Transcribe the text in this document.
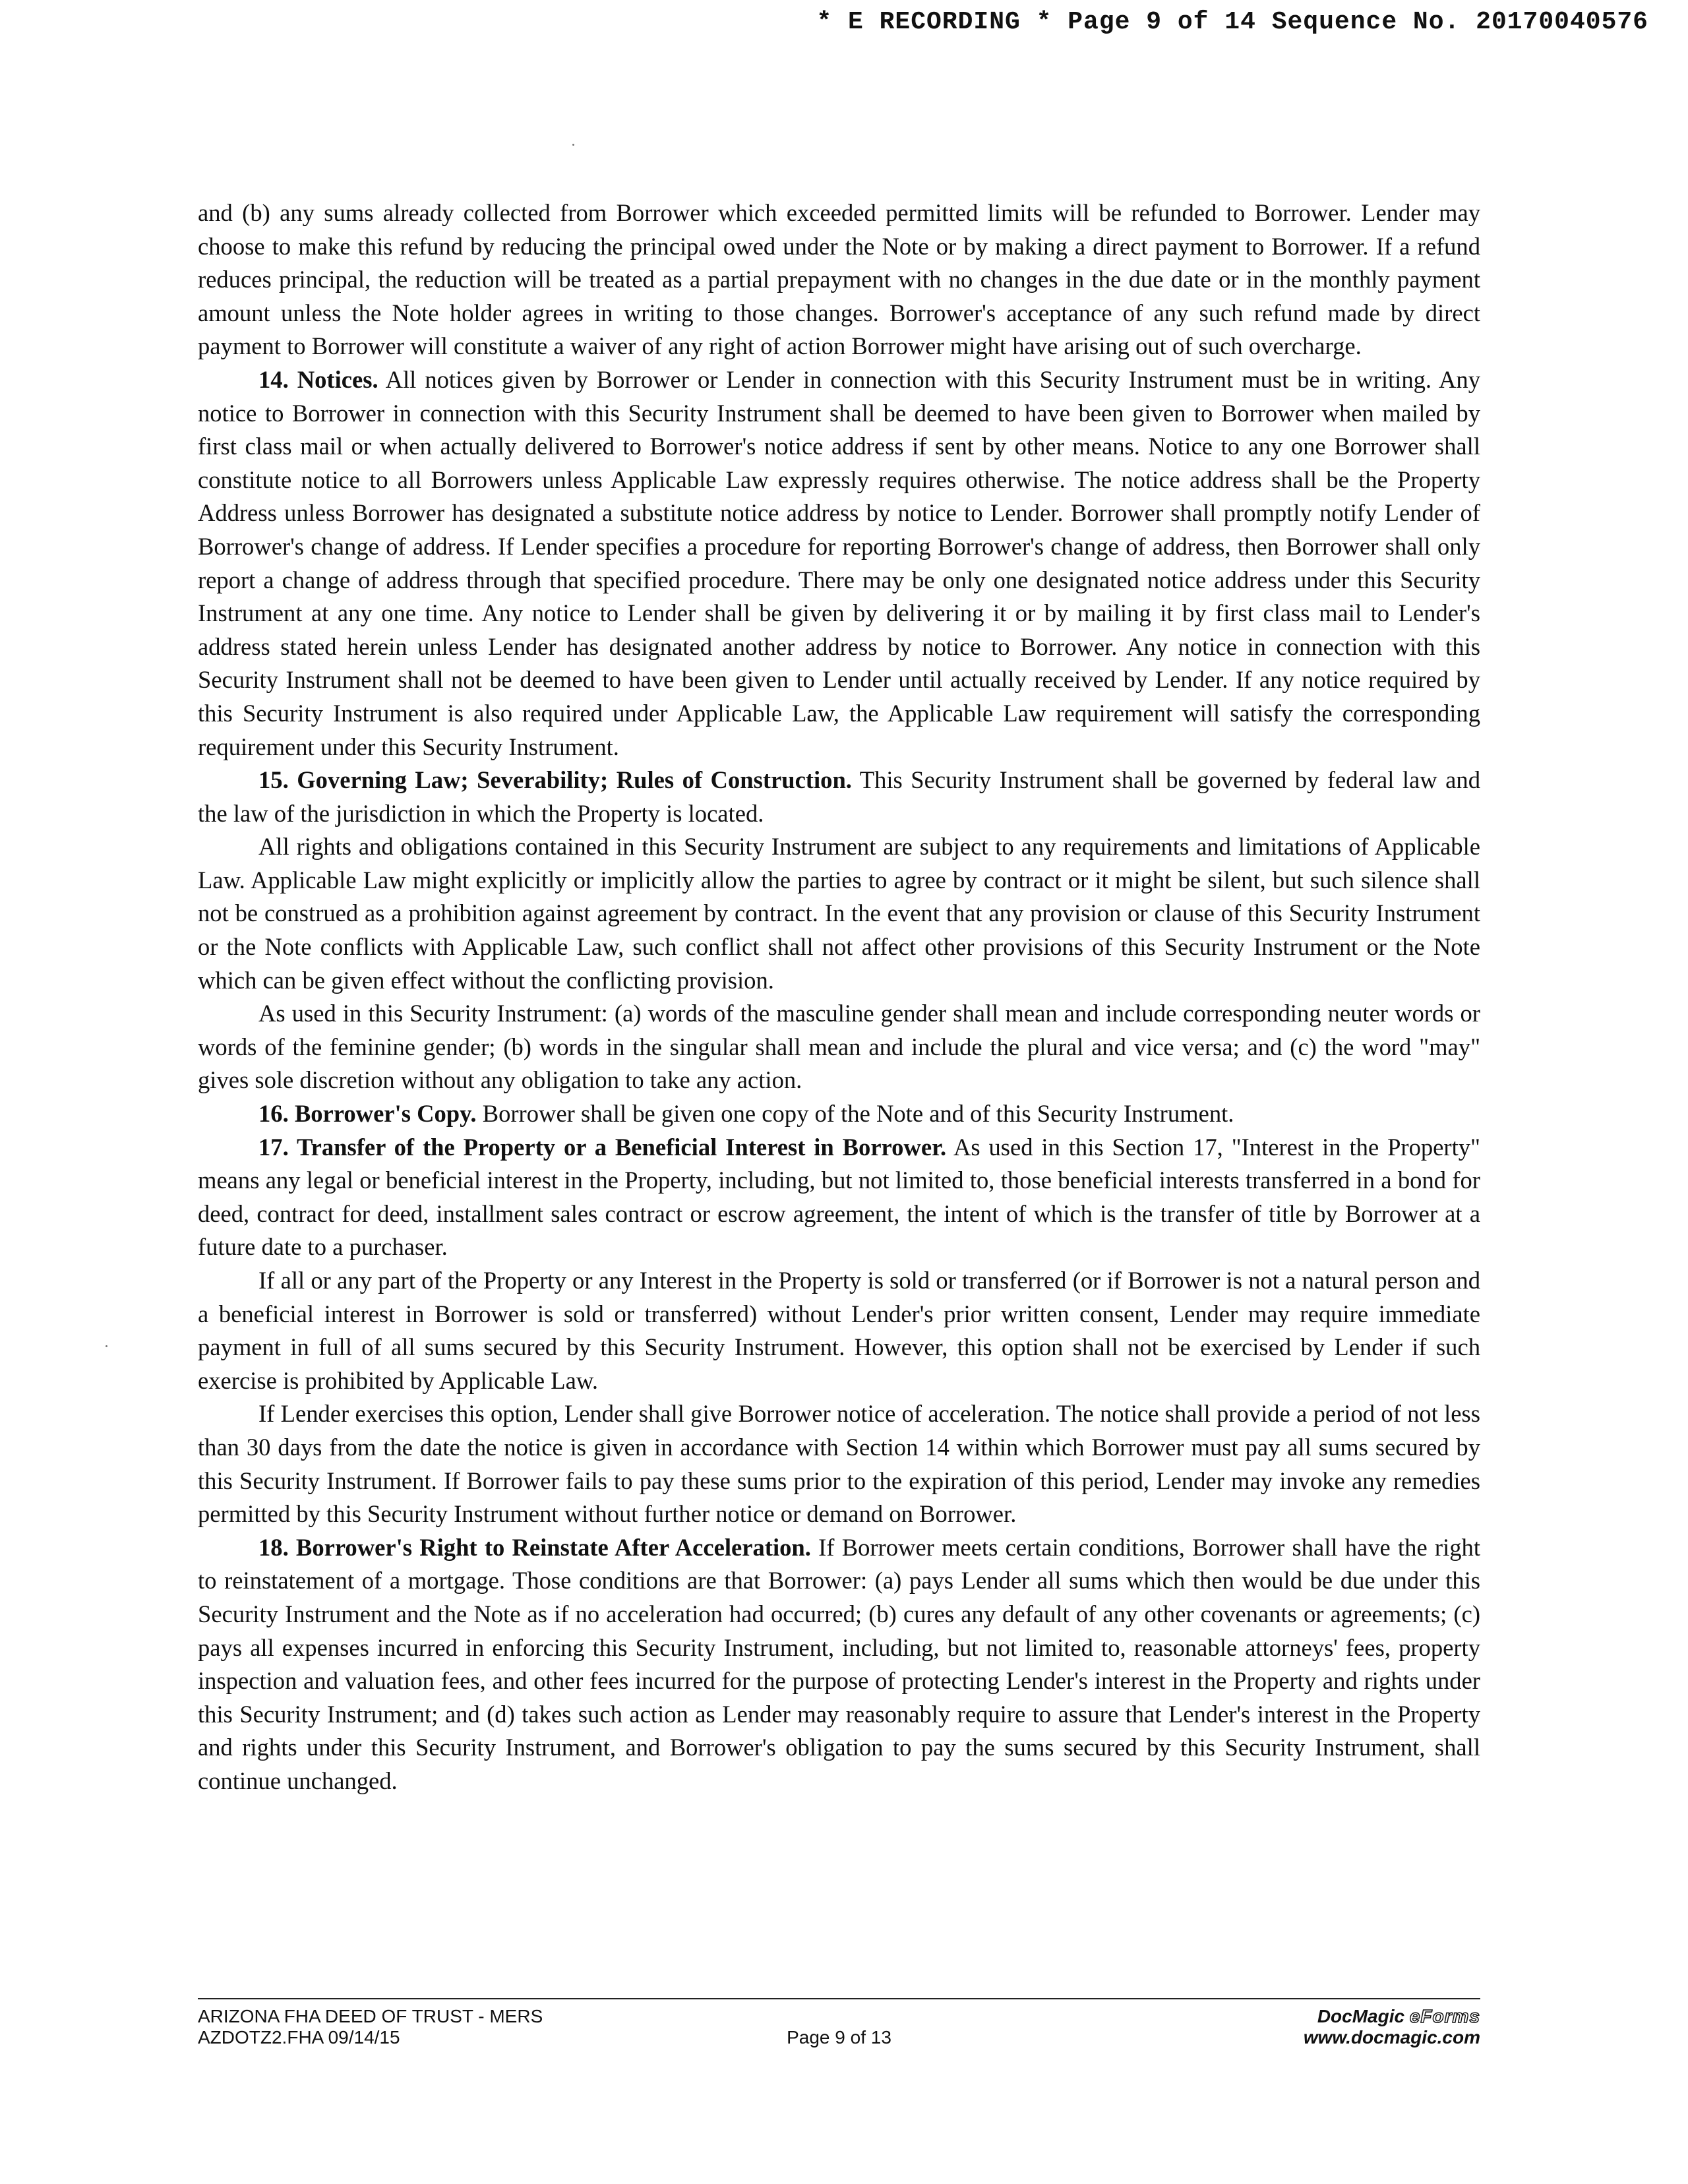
* E RECORDING * Page 9 of 14 Sequence No. 20170040576

and (b) any sums already collected from Borrower which exceeded permitted limits will be refunded to Borrower. Lender may choose to make this refund by reducing the principal owed under the Note or by making a direct payment to Borrower. If a refund reduces principal, the reduction will be treated as a partial prepayment with no changes in the due date or in the monthly payment amount unless the Note holder agrees in writing to those changes. Borrower's acceptance of any such refund made by direct payment to Borrower will constitute a waiver of any right of action Borrower might have arising out of such overcharge.

14. Notices. All notices given by Borrower or Lender in connection with this Security Instrument must be in writing. Any notice to Borrower in connection with this Security Instrument shall be deemed to have been given to Borrower when mailed by first class mail or when actually delivered to Borrower's notice address if sent by other means. Notice to any one Borrower shall constitute notice to all Borrowers unless Applicable Law expressly requires otherwise. The notice address shall be the Property Address unless Borrower has designated a substitute notice address by notice to Lender. Borrower shall promptly notify Lender of Borrower's change of address. If Lender specifies a procedure for reporting Borrower's change of address, then Borrower shall only report a change of address through that specified procedure. There may be only one designated notice address under this Security Instrument at any one time. Any notice to Lender shall be given by delivering it or by mailing it by first class mail to Lender's address stated herein unless Lender has designated another address by notice to Borrower. Any notice in connection with this Security Instrument shall not be deemed to have been given to Lender until actually received by Lender. If any notice required by this Security Instrument is also required under Applicable Law, the Applicable Law requirement will satisfy the corresponding requirement under this Security Instrument.

15. Governing Law; Severability; Rules of Construction. This Security Instrument shall be governed by federal law and the law of the jurisdiction in which the Property is located.

All rights and obligations contained in this Security Instrument are subject to any requirements and limitations of Applicable Law. Applicable Law might explicitly or implicitly allow the parties to agree by contract or it might be silent, but such silence shall not be construed as a prohibition against agreement by contract. In the event that any provision or clause of this Security Instrument or the Note conflicts with Applicable Law, such conflict shall not affect other provisions of this Security Instrument or the Note which can be given effect without the conflicting provision.

As used in this Security Instrument: (a) words of the masculine gender shall mean and include corresponding neuter words or words of the feminine gender; (b) words in the singular shall mean and include the plural and vice versa; and (c) the word "may" gives sole discretion without any obligation to take any action.

16. Borrower's Copy. Borrower shall be given one copy of the Note and of this Security Instrument.

17. Transfer of the Property or a Beneficial Interest in Borrower. As used in this Section 17, "Interest in the Property" means any legal or beneficial interest in the Property, including, but not limited to, those beneficial interests transferred in a bond for deed, contract for deed, installment sales contract or escrow agreement, the intent of which is the transfer of title by Borrower at a future date to a purchaser.

If all or any part of the Property or any Interest in the Property is sold or transferred (or if Borrower is not a natural person and a beneficial interest in Borrower is sold or transferred) without Lender's prior written consent, Lender may require immediate payment in full of all sums secured by this Security Instrument. However, this option shall not be exercised by Lender if such exercise is prohibited by Applicable Law.

If Lender exercises this option, Lender shall give Borrower notice of acceleration. The notice shall provide a period of not less than 30 days from the date the notice is given in accordance with Section 14 within which Borrower must pay all sums secured by this Security Instrument. If Borrower fails to pay these sums prior to the expiration of this period, Lender may invoke any remedies permitted by this Security Instrument without further notice or demand on Borrower.

18. Borrower's Right to Reinstate After Acceleration. If Borrower meets certain conditions, Borrower shall have the right to reinstatement of a mortgage. Those conditions are that Borrower: (a) pays Lender all sums which then would be due under this Security Instrument and the Note as if no acceleration had occurred; (b) cures any default of any other covenants or agreements; (c) pays all expenses incurred in enforcing this Security Instrument, including, but not limited to, reasonable attorneys' fees, property inspection and valuation fees, and other fees incurred for the purpose of protecting Lender's interest in the Property and rights under this Security Instrument; and (d) takes such action as Lender may reasonably require to assure that Lender's interest in the Property and rights under this Security Instrument, and Borrower's obligation to pay the sums secured by this Security Instrument, shall continue unchanged.

ARIZONA FHA DEED OF TRUST - MERS
AZDOTZ2.FHA 09/14/15	Page 9 of 13
DocMagic eForms
www.docmagic.com
